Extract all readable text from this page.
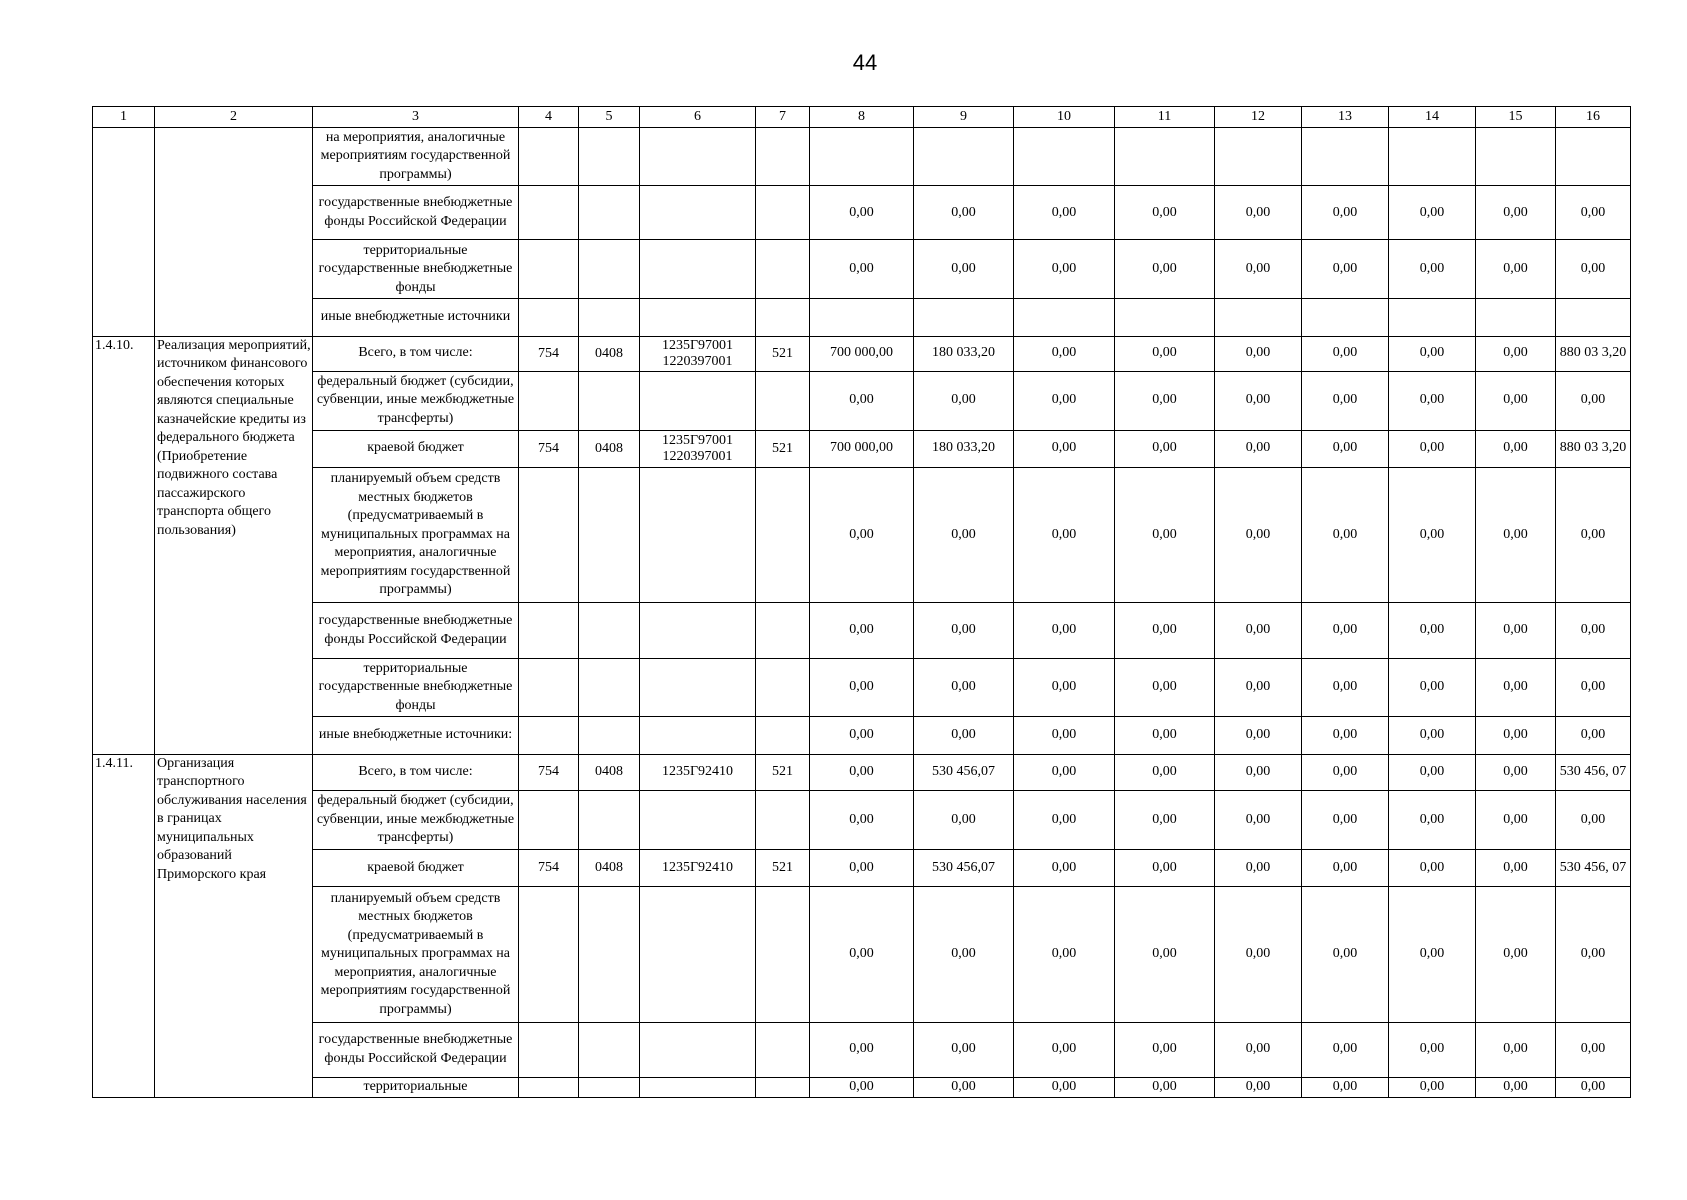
44
1	2	3	4	5	6	7	8	9	10	11	12	13	14	15	16
		на мероприятия, аналогичные мероприятиям государственной программы)													
		государственные внебюджетные фонды Российской Федерации					0,00	0,00	0,00	0,00	0,00	0,00	0,00	0,00	0,00
		территориальные государственные внебюджетные фонды					0,00	0,00	0,00	0,00	0,00	0,00	0,00	0,00	0,00
		иные внебюджетные источники													
1.4.10.	Реализация мероприятий, источником финансового обеспечения которых являются специальные казначейские кредиты из федерального бюджета (Приобретение подвижного состава пассажирского транспорта общего пользования)	Всего, в том числе:	754	0408	1235Г97001 1220397001	521	700 000,00	180 033,20	0,00	0,00	0,00	0,00	0,00	0,00	880 03 3,20
		федеральный бюджет (субсидии, субвенции, иные межбюджетные трансферты)					0,00	0,00	0,00	0,00	0,00	0,00	0,00	0,00	0,00
		краевой бюджет	754	0408	1235Г97001 1220397001	521	700 000,00	180 033,20	0,00	0,00	0,00	0,00	0,00	0,00	880 03 3,20
		планируемый объем средств местных бюджетов (предусматриваемый в муниципальных программах на мероприятия, аналогичные мероприятиям государственной программы)					0,00	0,00	0,00	0,00	0,00	0,00	0,00	0,00	0,00
		государственные внебюджетные фонды Российской Федерации					0,00	0,00	0,00	0,00	0,00	0,00	0,00	0,00	0,00
		территориальные государственные внебюджетные фонды					0,00	0,00	0,00	0,00	0,00	0,00	0,00	0,00	0,00
		иные внебюджетные источники:					0,00	0,00	0,00	0,00	0,00	0,00	0,00	0,00	0,00
1.4.11.	Организация транспортного обслуживания населения в границах муниципальных образований Приморского края	Всего, в том числе:	754	0408	1235Г92410	521	0,00	530 456,07	0,00	0,00	0,00	0,00	0,00	0,00	530 456, 07
		федеральный бюджет (субсидии, субвенции, иные межбюджетные трансферты)					0,00	0,00	0,00	0,00	0,00	0,00	0,00	0,00	0,00
		краевой бюджет	754	0408	1235Г92410	521	0,00	530 456,07	0,00	0,00	0,00	0,00	0,00	0,00	530 456, 07
		планируемый объем средств местных бюджетов (предусматриваемый в муниципальных программах на мероприятия, аналогичные мероприятиям государственной программы)					0,00	0,00	0,00	0,00	0,00	0,00	0,00	0,00	0,00
		государственные внебюджетные фонды Российской Федерации					0,00	0,00	0,00	0,00	0,00	0,00	0,00	0,00	0,00
		территориальные					0,00	0,00	0,00	0,00	0,00	0,00	0,00	0,00	0,00
